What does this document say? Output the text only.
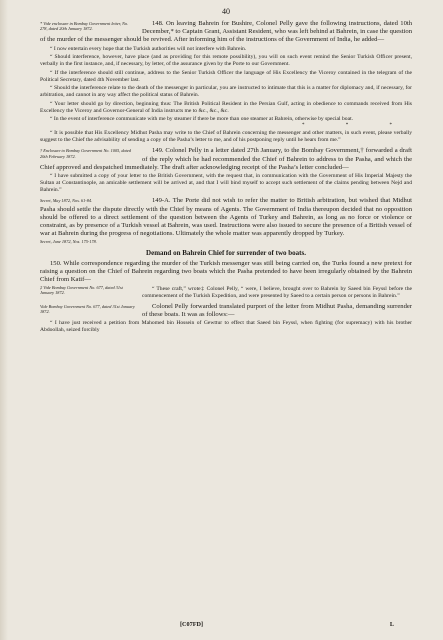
40
* Vide enclosure in Bombay Government letter, No. 278, dated 20th January 1872.

148. On leaving Bahrein for Bushire, Colonel Pelly gave the following instructions, dated 10th December,* to Captain Grant, Assistant Resident, who was left behind at Bahrein, in case the question of the murder of the messenger should be revived. After informing him of the instructions of the Government of India, he added—

“ I now entertain every hope that the Turkish authorities will not interfere with Bahrein.

“ Should interference, however, have place (and as providing for this remote possibility), you will on such event remind the Senior Turkish Officer present, verbally in the first instance, and, if necessary, by letter, of the assurance given by the Porte to our Government.

“ If the interference should still continue, address to the Senior Turkish Officer the language of His Excellency the Viceroy contained in the telegram of the Political Secretary, dated 4th November last.

“ Should the interference relate to the death of the messenger in particular, you are instructed to intimate that this is a matter for diplomacy and, if necessary, for arbitration, and cannot in any way affect the political status of Bahrein.

“ Your letter should go by direction, beginning thus: The British Political Resident in the Persian Gulf, acting in obedience to commands received from His Excellency the Viceroy and Governor-General of India instructs me to &c., &c., &c.

“ In the event of interference communicate with me by steamer if there be more than one steamer at Bahrein, otherwise by special boat.

* * *

“ It is possible that His Excellency Midhut Pasha may write to the Chief of Bahrein concerning the messenger and other matters, in such event, please verbally suggest to the Chief the advisability of sending a copy of the Pasha’s letter to me, and of his postponing reply until he hears from me.”

† Enclosure to Bombay Government No. 1005, dated 20th February 1872.

149. Colonel Pelly in a letter dated 27th January, to the Bombay Government,† forwarded a draft of the reply which he had recommended the Chief of Bahrein to address to the Pasha, and which the Chief approved and despatched immediately. The draft after acknowledging receipt of the Pasha’s letter concluded—

“ I have submitted a copy of your letter to the British Government, with the request that, in communication with the Government of His Imperial Majesty the Sultan at Constantinople, an amicable settlement will be arrived at, and that I will bind myself to accept such settlement of the claims pending between Nejd and Bahrein.”

Secret, May 1872, Nos. 61-84.	149-A. The Porte did not wish to refer the matter to British arbitration, but wished that Midhut Pasha should settle the dispute directly with the Chief by means of Agents. The Government of India thereupon decided that no opposition should be offered to a direct settlement of the question between the Agents of Turkey and Bahrein, as long as no force or violence or constraint, as by presence of a Turkish vessel at Bahrein, was used. Instructions were also issued to secure the presence of a British vessel of war at Bahrein during the progress of negotiations. Ultimately the whole matter was apparently dropped by Turkey.

Secret, June 1872, Nos. 175-178.
Demand on Bahrein Chief for surrender of two boats.

150. While correspondence regarding the murder of the Turkish messenger was still being carried on, the Turks found a new pretext for raising a question on the Chief of Bahrein regarding two boats which the Pasha pretended to have been irregularly obtained by the Bahrein Chief from Katif—

‡ Vide Bombay Government No. 677, dated 31st January 1872.

“ These craft,” wrote‡ Colonel Pelly, “ were, I believe, brought over to Bahrein by Saeed bin Feyssl before the commencement of the Turkish Expedition, and were presented by Saeed to a certain person or persons in Bahrein.”

Vide Bombay Government No. 677, dated 31st January 1872.

Colonel Pelly forwarded translated purport of the letter from Midhut Pasha, demanding surrender of these boats. It was as follows:—

“ I have just received a petition from Mahomed bin Hossein of Gewttur to effect that Saeed bin Feyssl, when fighting (for supremacy) with his brother Abdoollah, seized forcibly

[C07FD]	L
